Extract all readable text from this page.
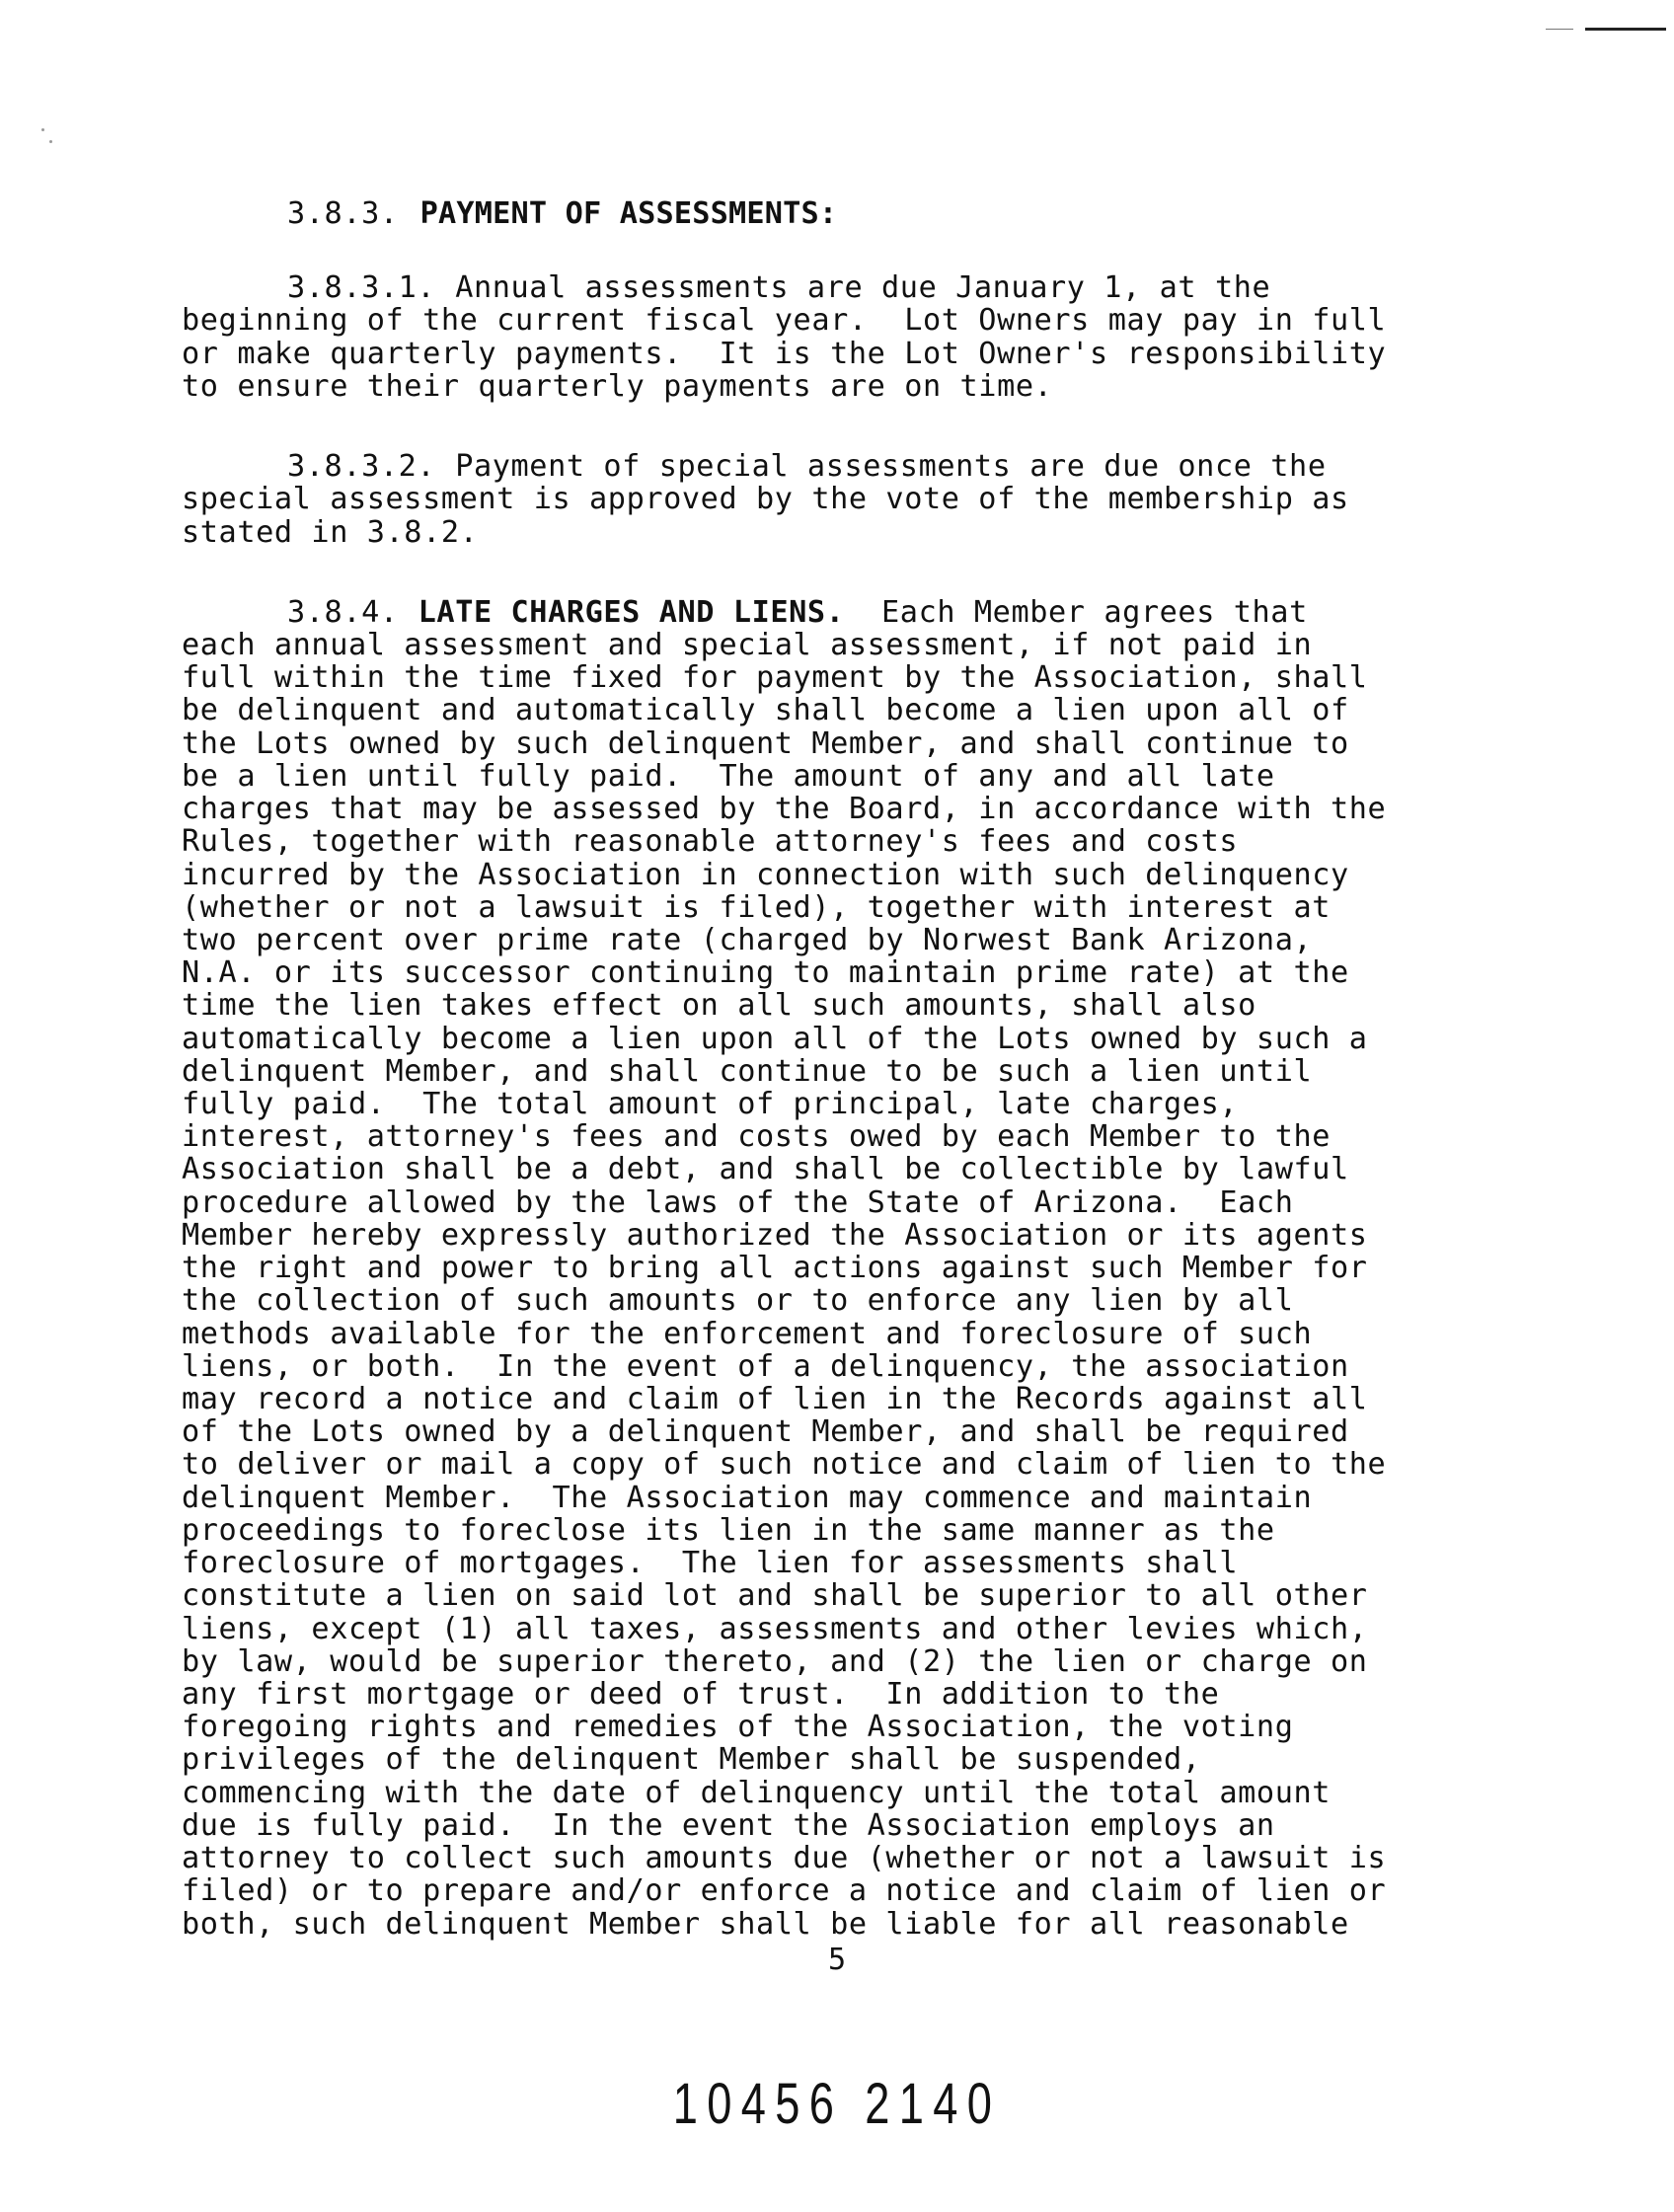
3.8.3. PAYMENT OF ASSESSMENTS:
3.8.3.1. Annual assessments are due January 1, at the
beginning of the current fiscal year.  Lot Owners may pay in full
or make quarterly payments.  It is the Lot Owner's responsibility
to ensure their quarterly payments are on time.
3.8.3.2. Payment of special assessments are due once the
special assessment is approved by the vote of the membership as
stated in 3.8.2.
3.8.4. LATE CHARGES AND LIENS. Each Member agrees that
each annual assessment and special assessment, if not paid in
full within the time fixed for payment by the Association, shall
be delinquent and automatically shall become a lien upon all of
the Lots owned by such delinquent Member, and shall continue to
be a lien until fully paid.  The amount of any and all late
charges that may be assessed by the Board, in accordance with the
Rules, together with reasonable attorney's fees and costs
incurred by the Association in connection with such delinquency
(whether or not a lawsuit is filed), together with interest at
two percent over prime rate (charged by Norwest Bank Arizona,
N.A. or its successor continuing to maintain prime rate) at the
time the lien takes effect on all such amounts, shall also
automatically become a lien upon all of the Lots owned by such a
delinquent Member, and shall continue to be such a lien until
fully paid.  The total amount of principal, late charges,
interest, attorney's fees and costs owed by each Member to the
Association shall be a debt, and shall be collectible by lawful
procedure allowed by the laws of the State of Arizona.  Each
Member hereby expressly authorized the Association or its agents
the right and power to bring all actions against such Member for
the collection of such amounts or to enforce any lien by all
methods available for the enforcement and foreclosure of such
liens, or both.  In the event of a delinquency, the association
may record a notice and claim of lien in the Records against all
of the Lots owned by a delinquent Member, and shall be required
to deliver or mail a copy of such notice and claim of lien to the
delinquent Member.  The Association may commence and maintain
proceedings to foreclose its lien in the same manner as the
foreclosure of mortgages.  The lien for assessments shall
constitute a lien on said lot and shall be superior to all other
liens, except (1) all taxes, assessments and other levies which,
by law, would be superior thereto, and (2) the lien or charge on
any first mortgage or deed of trust.  In addition to the
foregoing rights and remedies of the Association, the voting
privileges of the delinquent Member shall be suspended,
commencing with the date of delinquency until the total amount
due is fully paid.  In the event the Association employs an
attorney to collect such amounts due (whether or not a lawsuit is
filed) or to prepare and/or enforce a notice and claim of lien or
both, such delinquent Member shall be liable for all reasonable
5
10456 2140
